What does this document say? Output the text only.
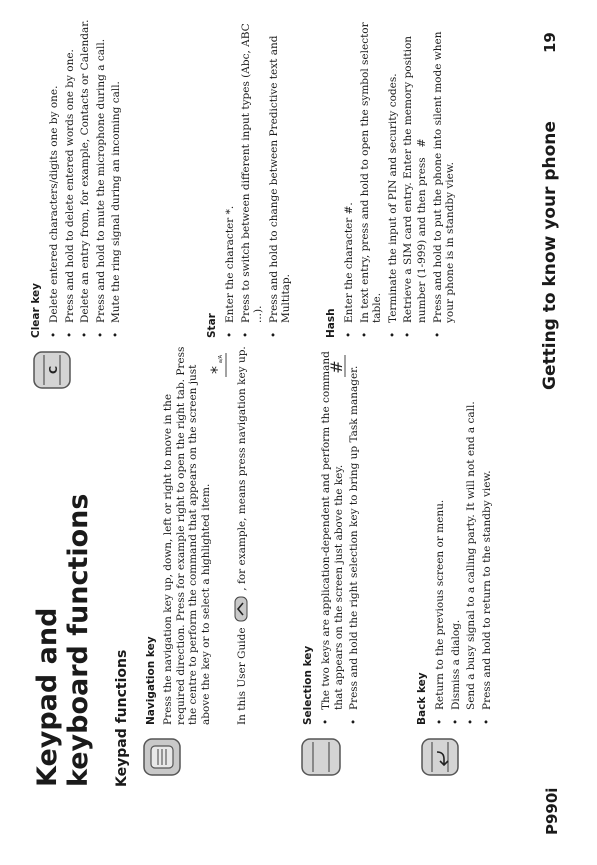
Keypad and keyboard functions Keypad functions Navigation key Press the navigation key up, down, left or right to move in the required direction. Press for example right to open the right tab. Press the centre to perform the command that appears on the screen just above the key or to select a highlighted item. In this User Guide  , for example, means press navigation key up.
Selection key • The two keys are application-dependent and perform the command that appears on the screen just above the key. • Press and hold the right selection key to bring up Task manager.	Back key • Return to the previous screen or menu. • Dismiss a dialog. • Send a busy signal to a calling party. It will not end a call. • Press and hold to return to the standby view.
C
Clear key • Delete entered characters/digits one by one. • Press and hold to delete entered words one by one. • Delete an entry from, for example, Contacts or Calendar. • Press and hold to mute the microphone during a call. • Mute the ring signal during an incoming call.
*
a/A
Star
• Enter the character *. • Press to switch between different input types (Abc, ABC ...). • Press and hold to change between Predictive text and Multitap.
#
Hash
• Enter the character #. • In text entry, press and hold to open the symbol selector table. • Terminate the input of PIN and security codes. • Retrieve a SIM card entry. Enter the memory position number (1-999) and then press
# • Press and hold to put the phone into silent mode when your phone is in standby view.
P990i
Getting to know your phone
19
